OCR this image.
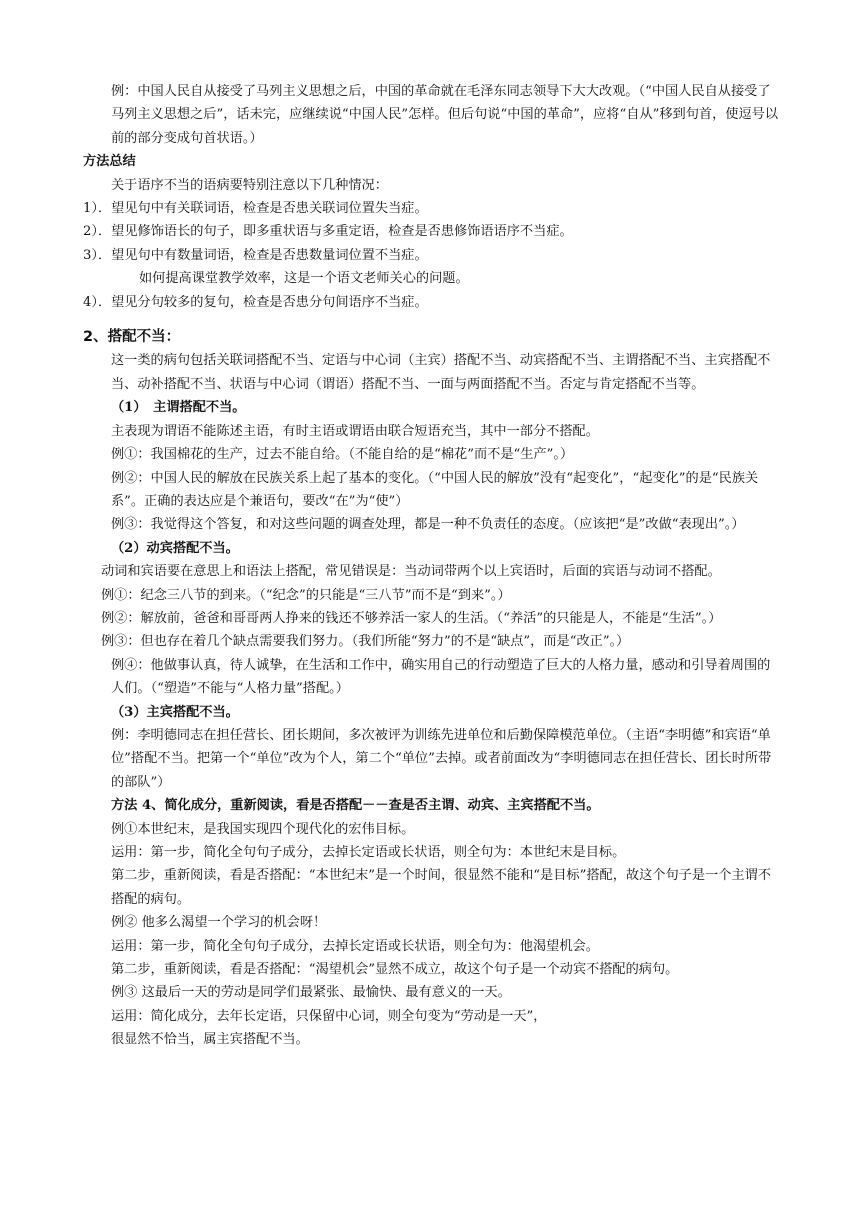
例：中国人民自从接受了马列主义思想之后，中国的革命就在毛泽东同志领导下大大改观。（“中国人民自从接受了马列主义思想之后”，话未完，应继续说“中国人民”怎样。但后句说“中国的革命”，应将“自从”移到句首，使逗号以前的部分变成句首状语。）

方法总结

关于语序不当的语病要特别注意以下几种情况：

1）．望见句中有关联词语，检查是否患关联词位置失当症。

2）．望见修饰语长的句子，即多重状语与多重定语，检查是否患修饰语语序不当症。

3）．望见句中有数量词语，检查是否患数量词位置不当症。

如何提高课堂教学效率，这是一个语文老师关心的问题。

4）．望见分句较多的复句，检查是否患分句间语序不当症。

2、搭配不当：

这一类的病句包括关联词搭配不当、定语与中心词（主宾）搭配不当、动宾搭配不当、主谓搭配不当、主宾搭配不当、动补搭配不当、状语与中心词（谓语）搭配不当、一面与两面搭配不当。否定与肯定搭配不当等。

（1）　主谓搭配不当。

主表现为谓语不能陈述主语，有时主语或谓语由联合短语充当，其中一部分不搭配。

例①：我国棉花的生产，过去不能自给。（不能自给的是“棉花”而不是“生产”。）

例②：中国人民的解放在民族关系上起了基本的变化。（“中国人民的解放”没有“起变化”，“起变化”的是“民族关系”。正确的表达应是个兼语句，要改“在”为“使”）

例③：我觉得这个答复，和对这些问题的调查处理，都是一种不负责任的态度。（应该把“是”改做“表现出”。）

（2）动宾搭配不当。

动词和宾语要在意思上和语法上搭配，常见错误是：当动词带两个以上宾语时，后面的宾语与动词不搭配。

例①：纪念三八节的到来。（“纪念”的只能是“三八节”而不是“到来”。）

例②：解放前，爸爸和哥哥两人挣来的钱还不够养活一家人的生活。（“养活”的只能是人，不能是“生活”。）

例③：但也存在着几个缺点需要我们努力。（我们所能“努力”的不是“缺点”，而是“改正”。）

例④：他做事认真，待人诚挚，在生活和工作中，确实用自己的行动塑造了巨大的人格力量，感动和引导着周围的人们。（“塑造”不能与“人格力量”搭配。）

（3）主宾搭配不当。

例：李明德同志在担任营长、团长期间，多次被评为训练先进单位和后勤保障模范单位。（主语“李明德”和宾语“单位”搭配不当。把第一个“单位”改为个人，第二个“单位”去掉。或者前面改为“李明德同志在担任营长、团长时所带的部队”）

方法 4、简化成分，重新阅读，看是否搭配－－查是否主谓、动宾、主宾搭配不当。

例①本世纪末，是我国实现四个现代化的宏伟目标。

运用：第一步，简化全句句子成分，去掉长定语或长状语，则全句为：本世纪末是目标。

第二步，重新阅读，看是否搭配：“本世纪末”是一个时间，很显然不能和“是目标”搭配，故这个句子是一个主谓不搭配的病句。

例② 他多么渴望一个学习的机会呀！

运用：第一步，简化全句句子成分，去掉长定语或长状语，则全句为：他渴望机会。

第二步，重新阅读，看是否搭配：“渴望机会”显然不成立，故这个句子是一个动宾不搭配的病句。

例③ 这最后一天的劳动是同学们最紧张、最愉快、最有意义的一天。

运用：简化成分，去年长定语，只保留中心词，则全句变为“劳动是一天”，

很显然不恰当，属主宾搭配不当。
